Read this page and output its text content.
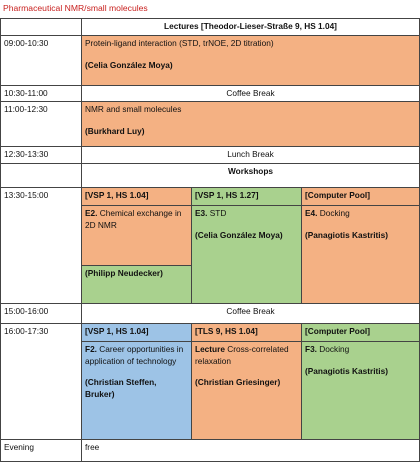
Pharmaceutical NMR/small molecules
Lectures [Theodor-Lieser-Straße 9, HS 1.04]
09:00-10:30	Protein-ligand interaction (STD, trNOE, 2D titration)
(Celia González Moya)
10:30-11:00	Coffee Break
11:00-12:30	NMR and small molecules
(Burkhard Luy)
12:30-13:30	Lunch Break
Workshops
13:30-15:00	[VSP 1, HS 1.04]
E2. Chemical exchange in 2D NMR
(Philipp Neudecker)
[VSP 1, HS 1.27]
E3. STD
(Celia González Moya)
[Computer Pool]
E4. Docking
(Panagiotis Kastritis)
15:00-16:00	Coffee Break
16:00-17:30	[VSP 1, HS 1.04]
F2. Career opportunities in application of technology
(Christian Steffen, Bruker)
[TLS 9, HS 1.04]
Lecture Cross-correlated relaxation
(Christian Griesinger)
[Computer Pool]
F3. Docking
(Panagiotis Kastritis)
Evening	free
